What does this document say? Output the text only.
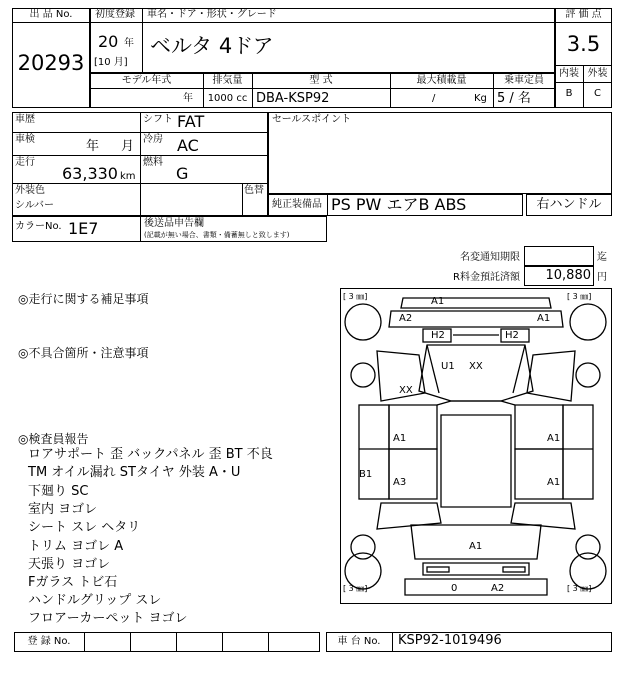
出 品 No.
20293
初度登録
20 年
[10 月]
車名・ドア・形状・グレード
ベルタ 4ドア
評 価 点
3.5
内装 外装
B	C
モデル年式
年
排気量
1000 cc
型 式
DBA-KSP92
最大積載量
/	Kg
乗車定員
5 / 名
車歴	シフト FAT
車検	年 月 冷房 AC
走行
63,330 km
燃料
G
外装色
シルバー
色替
セールスポイント
純正装備品 PS PW エアB ABS	右ハンドル
カラーNo. 1E7	後送品申告欄
(記載が無い場合、書類・備蓄無しと致します)
名変通知期限	迄
R料金預託済額	10,880 円
◎走行に関する補足事項
◎不具合箇所・注意事項
◎検査員報告
ロアサポート 歪 バックパネル 歪 BT 不良
TM オイル漏れ STタイヤ 外装 A・U
下廻り SC
室内 ヨゴレ
シート スレ ヘタリ
トリム ヨゴレ A
天張り ヨゴレ
Fガラス トビ石
ハンドルグリップ スレ
フロアーカーペット ヨゴレ
[ 3 ㎜]	[ 3 ㎜]
[ 3 ㎜]	[ 3 ㎜]
A1
A2	A1
H2	H2
U1 XX
XX
A1	A1
B1
A3	A1
A1
0	A2
登 録 No.	車 台 No.	KSP92-1019496
